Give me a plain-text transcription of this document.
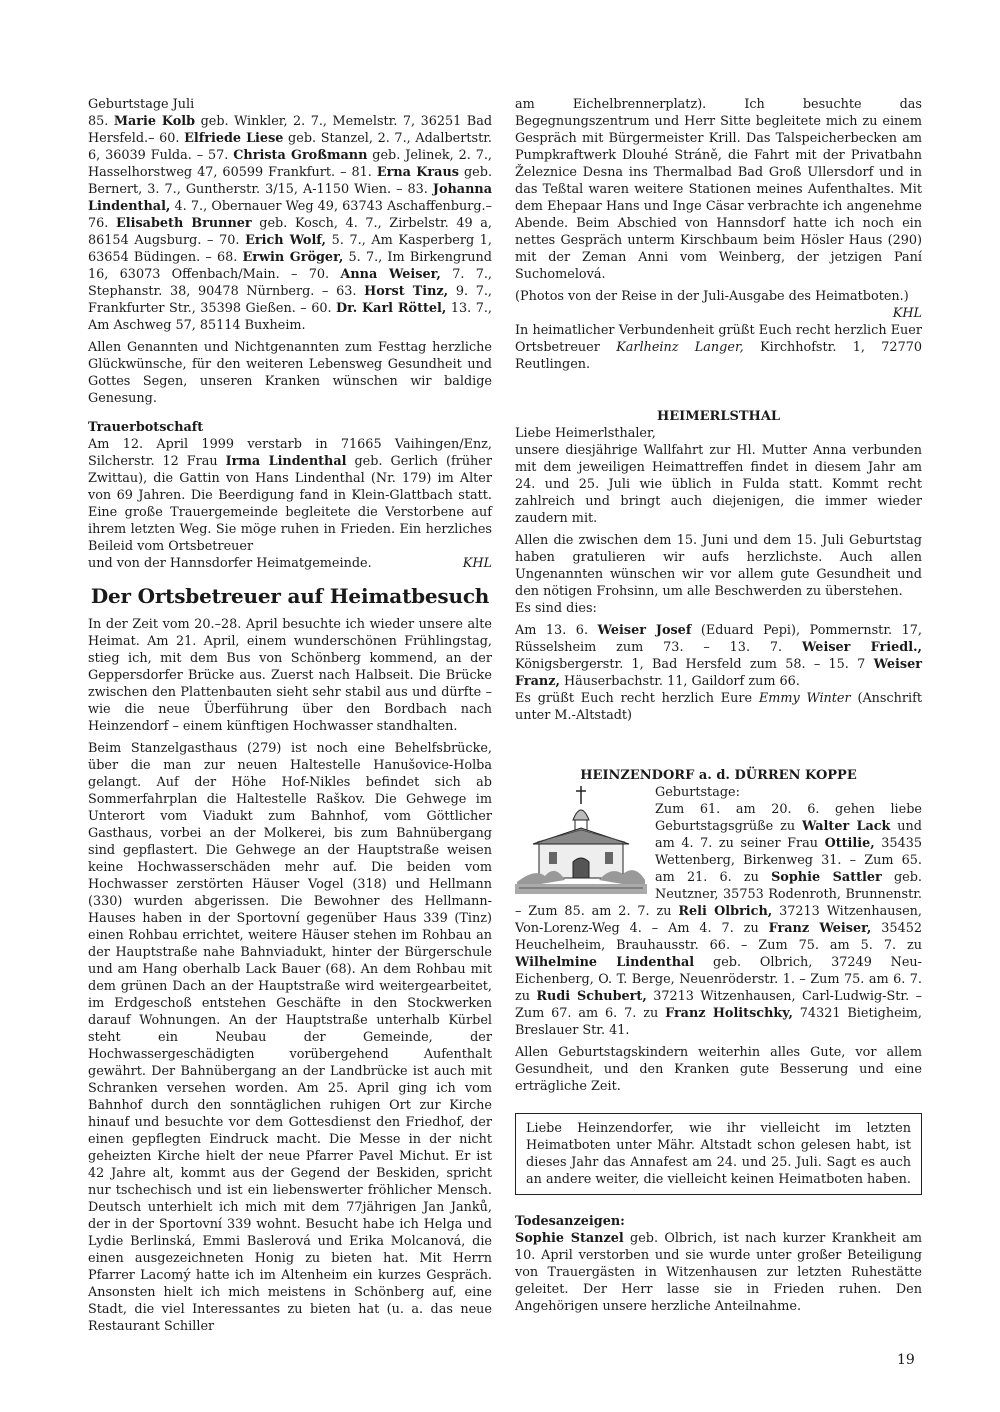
Geburtstage Juli

85. Marie Kolb geb. Winkler, 2. 7., Memelstr. 7, 36251 Bad Hersfeld.– 60. Elfriede Liese geb. Stanzel, 2. 7., Adalbertstr. 6, 36039 Fulda. – 57. Christa Großmann geb. Jelinek, 2. 7., Hasselhorstweg 47, 60599 Frankfurt. – 81. Erna Kraus geb. Bernert, 3. 7., Guntherstr. 3/15, A-1150 Wien. – 83. Johanna Lindenthal, 4. 7., Obernauer Weg 49, 63743 Aschaffenburg.– 76. Elisabeth Brunner geb. Kosch, 4. 7., Zirbelstr. 49 a, 86154 Augsburg. – 70. Erich Wolf, 5. 7., Am Kasperberg 1, 63654 Büdingen. – 68. Erwin Gröger, 5. 7., Im Birkengrund 16, 63073 Offenbach/Main. – 70. Anna Weiser, 7. 7., Stephanstr. 38, 90478 Nürnberg. – 63. Horst Tinz, 9. 7., Frankfurter Str., 35398 Gießen. – 60. Dr. Karl Röttel, 13. 7., Am Aschweg 57, 85114 Buxheim.

Allen Genannten und Nichtgenannten zum Festtag herzliche Glückwünsche, für den weiteren Lebensweg Gesundheit und Gottes Segen, unseren Kranken wünschen wir baldige Genesung.

Trauerbotschaft

Am 12. April 1999 verstarb in 71665 Vaihingen/Enz, Silcherstr. 12 Frau Irma Lindenthal geb. Gerlich (früher Zwittau), die Gattin von Hans Lindenthal (Nr. 179) im Alter von 69 Jahren. Die Beerdigung fand in Klein-Glattbach statt. Eine große Trauergemeinde begleitete die Verstorbene auf ihrem letzten Weg. Sie möge ruhen in Frieden. Ein herzliches Beileid vom Ortsbetreuer

und von der Hannsdorfer Heimatgemeinde.	KHL
Der Ortsbetreuer auf Heimatbesuch

In der Zeit vom 20.–28. April besuchte ich wieder unsere alte Heimat. Am 21. April, einem wunderschönen Frühlingstag, stieg ich, mit dem Bus von Schönberg kommend, an der Geppersdorfer Brücke aus. Zuerst nach Halbseit. Die Brücke zwischen den Plattenbauten sieht sehr stabil aus und dürfte – wie die neue Überführung über den Bordbach nach Heinzendorf – einem künftigen Hochwasser standhalten.

Beim Stanzelgasthaus (279) ist noch eine Behelfsbrücke, über die man zur neuen Haltestelle Hanušovice-Holba gelangt. Auf der Höhe Hof-Nikles befindet sich ab Sommerfahrplan die Haltestelle Raškov. Die Gehwege im Unterort vom Viadukt zum Bahnhof, vom Göttlicher Gasthaus, vorbei an der Molkerei, bis zum Bahnübergang sind gepflastert. Die Gehwege an der Hauptstraße weisen keine Hochwasserschäden mehr auf. Die beiden vom Hochwasser zerstörten Häuser Vogel (318) und Hellmann (330) wurden abgerissen. Die Bewohner des Hellmann-Hauses haben in der Sportovní gegenüber Haus 339 (Tinz) einen Rohbau errichtet, weitere Häuser stehen im Rohbau an der Hauptstraße nahe Bahnviadukt, hinter der Bürgerschule und am Hang oberhalb Lack Bauer (68). An dem Rohbau mit dem grünen Dach an der Hauptstraße wird weitergearbeitet, im Erdgeschoß entstehen Geschäfte in den Stockwerken darauf Wohnungen. An der Hauptstraße unterhalb Kürbel steht ein Neubau der Gemeinde, der Hochwassergeschädigten vorübergehend Aufenthalt gewährt. Der Bahnübergang an der Landbrücke ist auch mit Schranken versehen worden. Am 25. April ging ich vom Bahnhof durch den sonntäglichen ruhigen Ort zur Kirche hinauf und besuchte vor dem Gottesdienst den Friedhof, der einen gepflegten Eindruck macht. Die Messe in der nicht geheizten Kirche hielt der neue Pfarrer Pavel Michut. Er ist 42 Jahre alt, kommt aus der Gegend der Beskiden, spricht nur tschechisch und ist ein liebenswerter fröhlicher Mensch. Deutsch unterhielt ich mich mit dem 77jährigen Jan Janků, der in der Sportovní 339 wohnt. Besucht habe ich Helga und Lydie Berlinská, Emmi Baslerová und Erika Molcanová, die einen ausgezeichneten Honig zu bieten hat. Mit Herrn Pfarrer Lacomý hatte ich im Altenheim ein kurzes Gespräch. Ansonsten hielt ich mich meistens in Schönberg auf, eine Stadt, die viel Interessantes zu bieten hat (u. a. das neue Restaurant Schiller

am Eichelbrennerplatz). Ich besuchte das Begegnungszentrum und Herr Sitte begleitete mich zu einem Gespräch mit Bürgermeister Krill. Das Talspeicherbecken am Pumpkraftwerk Dlouhé Stráně, die Fahrt mit der Privatbahn Železnice Desna ins Thermalbad Bad Groß Ullersdorf und in das Teßtal waren weitere Stationen meines Aufenthaltes. Mit dem Ehepaar Hans und Inge Cäsar verbrachte ich angenehme Abende. Beim Abschied von Hannsdorf hatte ich noch ein nettes Gespräch unterm Kirschbaum beim Hösler Haus (290) mit der Zeman Anni vom Weinberg, der jetzigen Paní Suchomelová.

(Photos von der Reise in der Juli-Ausgabe des Heimatboten.)

KHL

In heimatlicher Verbundenheit grüßt Euch recht herzlich Euer Ortsbetreuer Karlheinz Langer, Kirchhofstr. 1, 72770 Reutlingen.

HEIMERLSTHAL

Liebe Heimerlsthaler,

unsere diesjährige Wallfahrt zur Hl. Mutter Anna verbunden mit dem jeweiligen Heimattreffen findet in diesem Jahr am 24. und 25. Juli wie üblich in Fulda statt. Kommt recht zahlreich und bringt auch diejenigen, die immer wieder zaudern mit.

Allen die zwischen dem 15. Juni und dem 15. Juli Geburtstag haben gratulieren wir aufs herzlichste. Auch allen Ungenannten wünschen wir vor allem gute Gesundheit und den nötigen Frohsinn, um alle Beschwerden zu überstehen.

Es sind dies:

Am 13. 6. Weiser Josef (Eduard Pepi), Pommernstr. 17, Rüsselsheim zum 73. – 13. 7. Weiser Friedl., Königsbergerstr. 1, Bad Hersfeld zum 58. – 15. 7 Weiser Franz, Häuserbachstr. 11, Gaildorf zum 66.

Es grüßt Euch recht herzlich Eure Emmy Winter (Anschrift unter M.-Altstadt)

HEINZENDORF a. d. DÜRREN KOPPE

Geburtstage:

Zum 61. am 20. 6. gehen liebe Geburtstagsgrüße zu Walter Lack und am 4. 7. zu seiner Frau Ottilie, 35435 Wettenberg, Birkenweg 31. – Zum 65. am 21. 6. zu Sophie Sattler geb. Neutzner, 35753 Rodenroth, Brunnenstr. – Zum 85. am 2. 7. zu Reli Olbrich, 37213 Witzenhausen, Von-Lorenz-Weg 4. – Am 4. 7. zu Franz Weiser, 35452 Heuchelheim, Brauhausstr. 66. – Zum 75. am 5. 7. zu Wilhelmine Lindenthal geb. Olbrich, 37249 Neu-Eichenberg, O. T. Berge, Neuenröderstr. 1. – Zum 75. am 6. 7. zu Rudi Schubert, 37213 Witzenhausen, Carl-Ludwig-Str. – Zum 67. am 6. 7. zu Franz Holitschky, 74321 Bietigheim, Breslauer Str. 41.

Allen Geburtstagskindern weiterhin alles Gute, vor allem Gesundheit, und den Kranken gute Besserung und eine erträgliche Zeit.

Liebe Heinzendorfer, wie ihr vielleicht im letzten Heimatboten unter Mähr. Altstadt schon gelesen habt, ist dieses Jahr das Annafest am 24. und 25. Juli. Sagt es auch an andere weiter, die vielleicht keinen Heimatboten haben.

Todesanzeigen:

Sophie Stanzel geb. Olbrich, ist nach kurzer Krankheit am 10. April verstorben und sie wurde unter großer Beteiligung von Trauergästen in Witzenhausen zur letzten Ruhestätte geleitet. Der Herr lasse sie in Frieden ruhen. Den Angehörigen unsere herzliche Anteilnahme.

19
